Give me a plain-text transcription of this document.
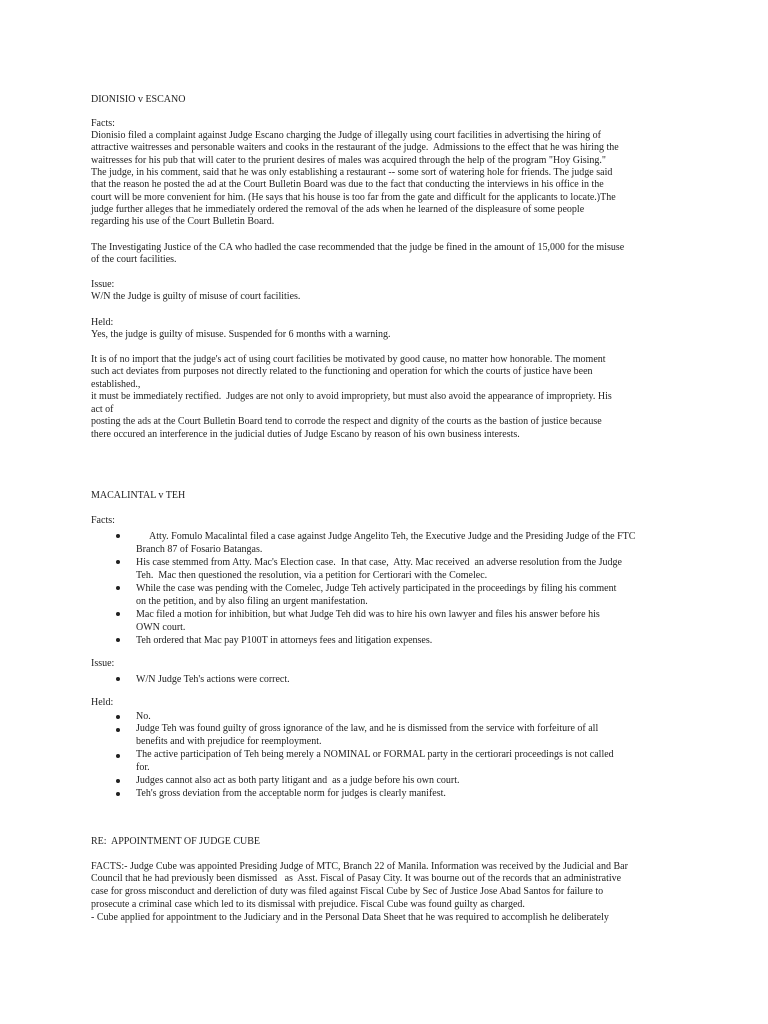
DIONISIO v ESCANO
Facts:
Dionisio filed a complaint against Judge Escano charging the Judge of illegally using court facilities in advertising the hiring of
attractive waitresses and personable waiters and cooks in the restaurant of the judge.  Admissions to the effect that he was hiring the
waitresses for his pub that will cater to the prurient desires of males was acquired through the help of the program "Hoy Gising."
The judge, in his comment, said that he was only establishing a restaurant -- some sort of watering hole for friends. The judge said
that the reason he posted the ad at the Court Bulletin Board was due to the fact that conducting the interviews in his office in the
court will be more convenient for him. (He says that his house is too far from the gate and difficult for the applicants to locate.)The
judge further alleges that he immediately ordered the removal of the ads when he learned of the displeasure of some people
regarding his use of the Court Bulletin Board.
The Investigating Justice of the CA who hadled the case recommended that the judge be fined in the amount of 15,000 for the misuse
of the court facilities.
Issue:
W/N the Judge is guilty of misuse of court facilities.
Held:
Yes, the judge is guilty of misuse. Suspended for 6 months with a warning.
It is of no import that the judge's act of using court facilities be motivated by good cause, no matter how honorable. The moment
such act deviates from purposes not directly related to the functioning and operation for which the courts of justice have been
established.,
it must be immediately rectified.  Judges are not only to avoid impropriety, but must also avoid the appearance of impropriety. His
act of
posting the ads at the Court Bulletin Board tend to corrode the respect and dignity of the courts as the bastion of justice because
there occured an interference in the judicial duties of Judge Escano by reason of his own business interests.
MACALINTAL v TEH
Facts:
Atty. Fomulo Macalintal filed a case against Judge Angelito Teh, the Executive Judge and the Presiding Judge of the FTC
Branch 87 of Fosario Batangas.
His case stemmed from Atty. Mac's Election case.  In that case,  Atty. Mac received  an adverse resolution from the Judge
Teh.  Mac then questioned the resolution, via a petition for Certiorari with the Comelec.
While the case was pending with the Comelec, Judge Teh actively participated in the proceedings by filing his comment
on the petition, and by also filing an urgent manifestation.
Mac filed a motion for inhibition, but what Judge Teh did was to hire his own lawyer and files his answer before his
OWN court.
Teh ordered that Mac pay P100T in attorneys fees and litigation expenses.
Issue:
W/N Judge Teh's actions were correct.
Held:
No.
Judge Teh was found guilty of gross ignorance of the law, and he is dismissed from the service with forfeiture of all
benefits and with prejudice for reemployment.
The active participation of Teh being merely a NOMINAL or FORMAL party in the certiorari proceedings is not called
for.
Judges cannot also act as both party litigant and  as a judge before his own court.
Teh's gross deviation from the acceptable norm for judges is clearly manifest.
RE:  APPOINTMENT OF JUDGE CUBE
FACTS:- Judge Cube was appointed Presiding Judge of MTC, Branch 22 of Manila. Information was received by the Judicial and Bar
Council that he had previously been dismissed   as  Asst. Fiscal of Pasay City. It was bourne out of the records that an administrative
case for gross misconduct and dereliction of duty was filed against Fiscal Cube by Sec of Justice Jose Abad Santos for failure to
prosecute a criminal case which led to its dismissal with prejudice. Fiscal Cube was found guilty as charged.
- Cube applied for appointment to the Judiciary and in the Personal Data Sheet that he was required to accomplish he deliberately
